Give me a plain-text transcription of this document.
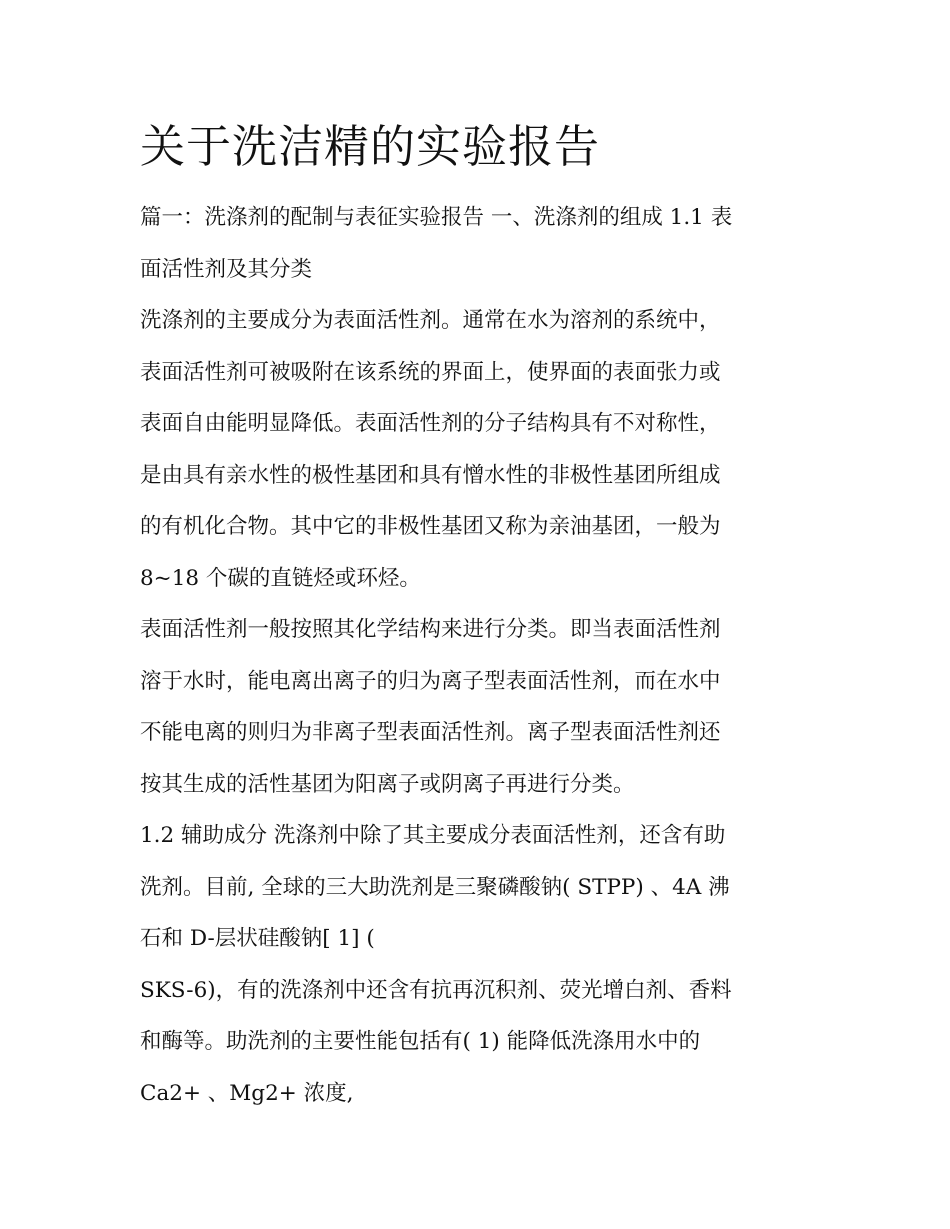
关于洗洁精的实验报告

篇一：洗涤剂的配制与表征实验报告 一、洗涤剂的组成 1.1 表
面活性剂及其分类

洗涤剂的主要成分为表面活性剂。通常在水为溶剂的系统中，
表面活性剂可被吸附在该系统的界面上，使界面的表面张力或
表面自由能明显降低。表面活性剂的分子结构具有不对称性，
是由具有亲水性的极性基团和具有憎水性的非极性基团所组成
的有机化合物。其中它的非极性基团又称为亲油基团，一般为
8~18 个碳的直链烃或环烃。

表面活性剂一般按照其化学结构来进行分类。即当表面活性剂
溶于水时，能电离出离子的归为离子型表面活性剂，而在水中
不能电离的则归为非离子型表面活性剂。离子型表面活性剂还
按其生成的活性基团为阳离子或阴离子再进行分类。

1.2 辅助成分 洗涤剂中除了其主要成分表面活性剂，还含有助
洗剂。目前, 全球的三大助洗剂是三聚磷酸钠( STPP) 、4A 沸
石和 D-层状硅酸钠[ 1] (

SKS-6)，有的洗涤剂中还含有抗再沉积剂、荧光增白剂、香料
和酶等。助洗剂的主要性能包括有( 1) 能降低洗涤用水中的
Ca2+ 、Mg2+ 浓度,
